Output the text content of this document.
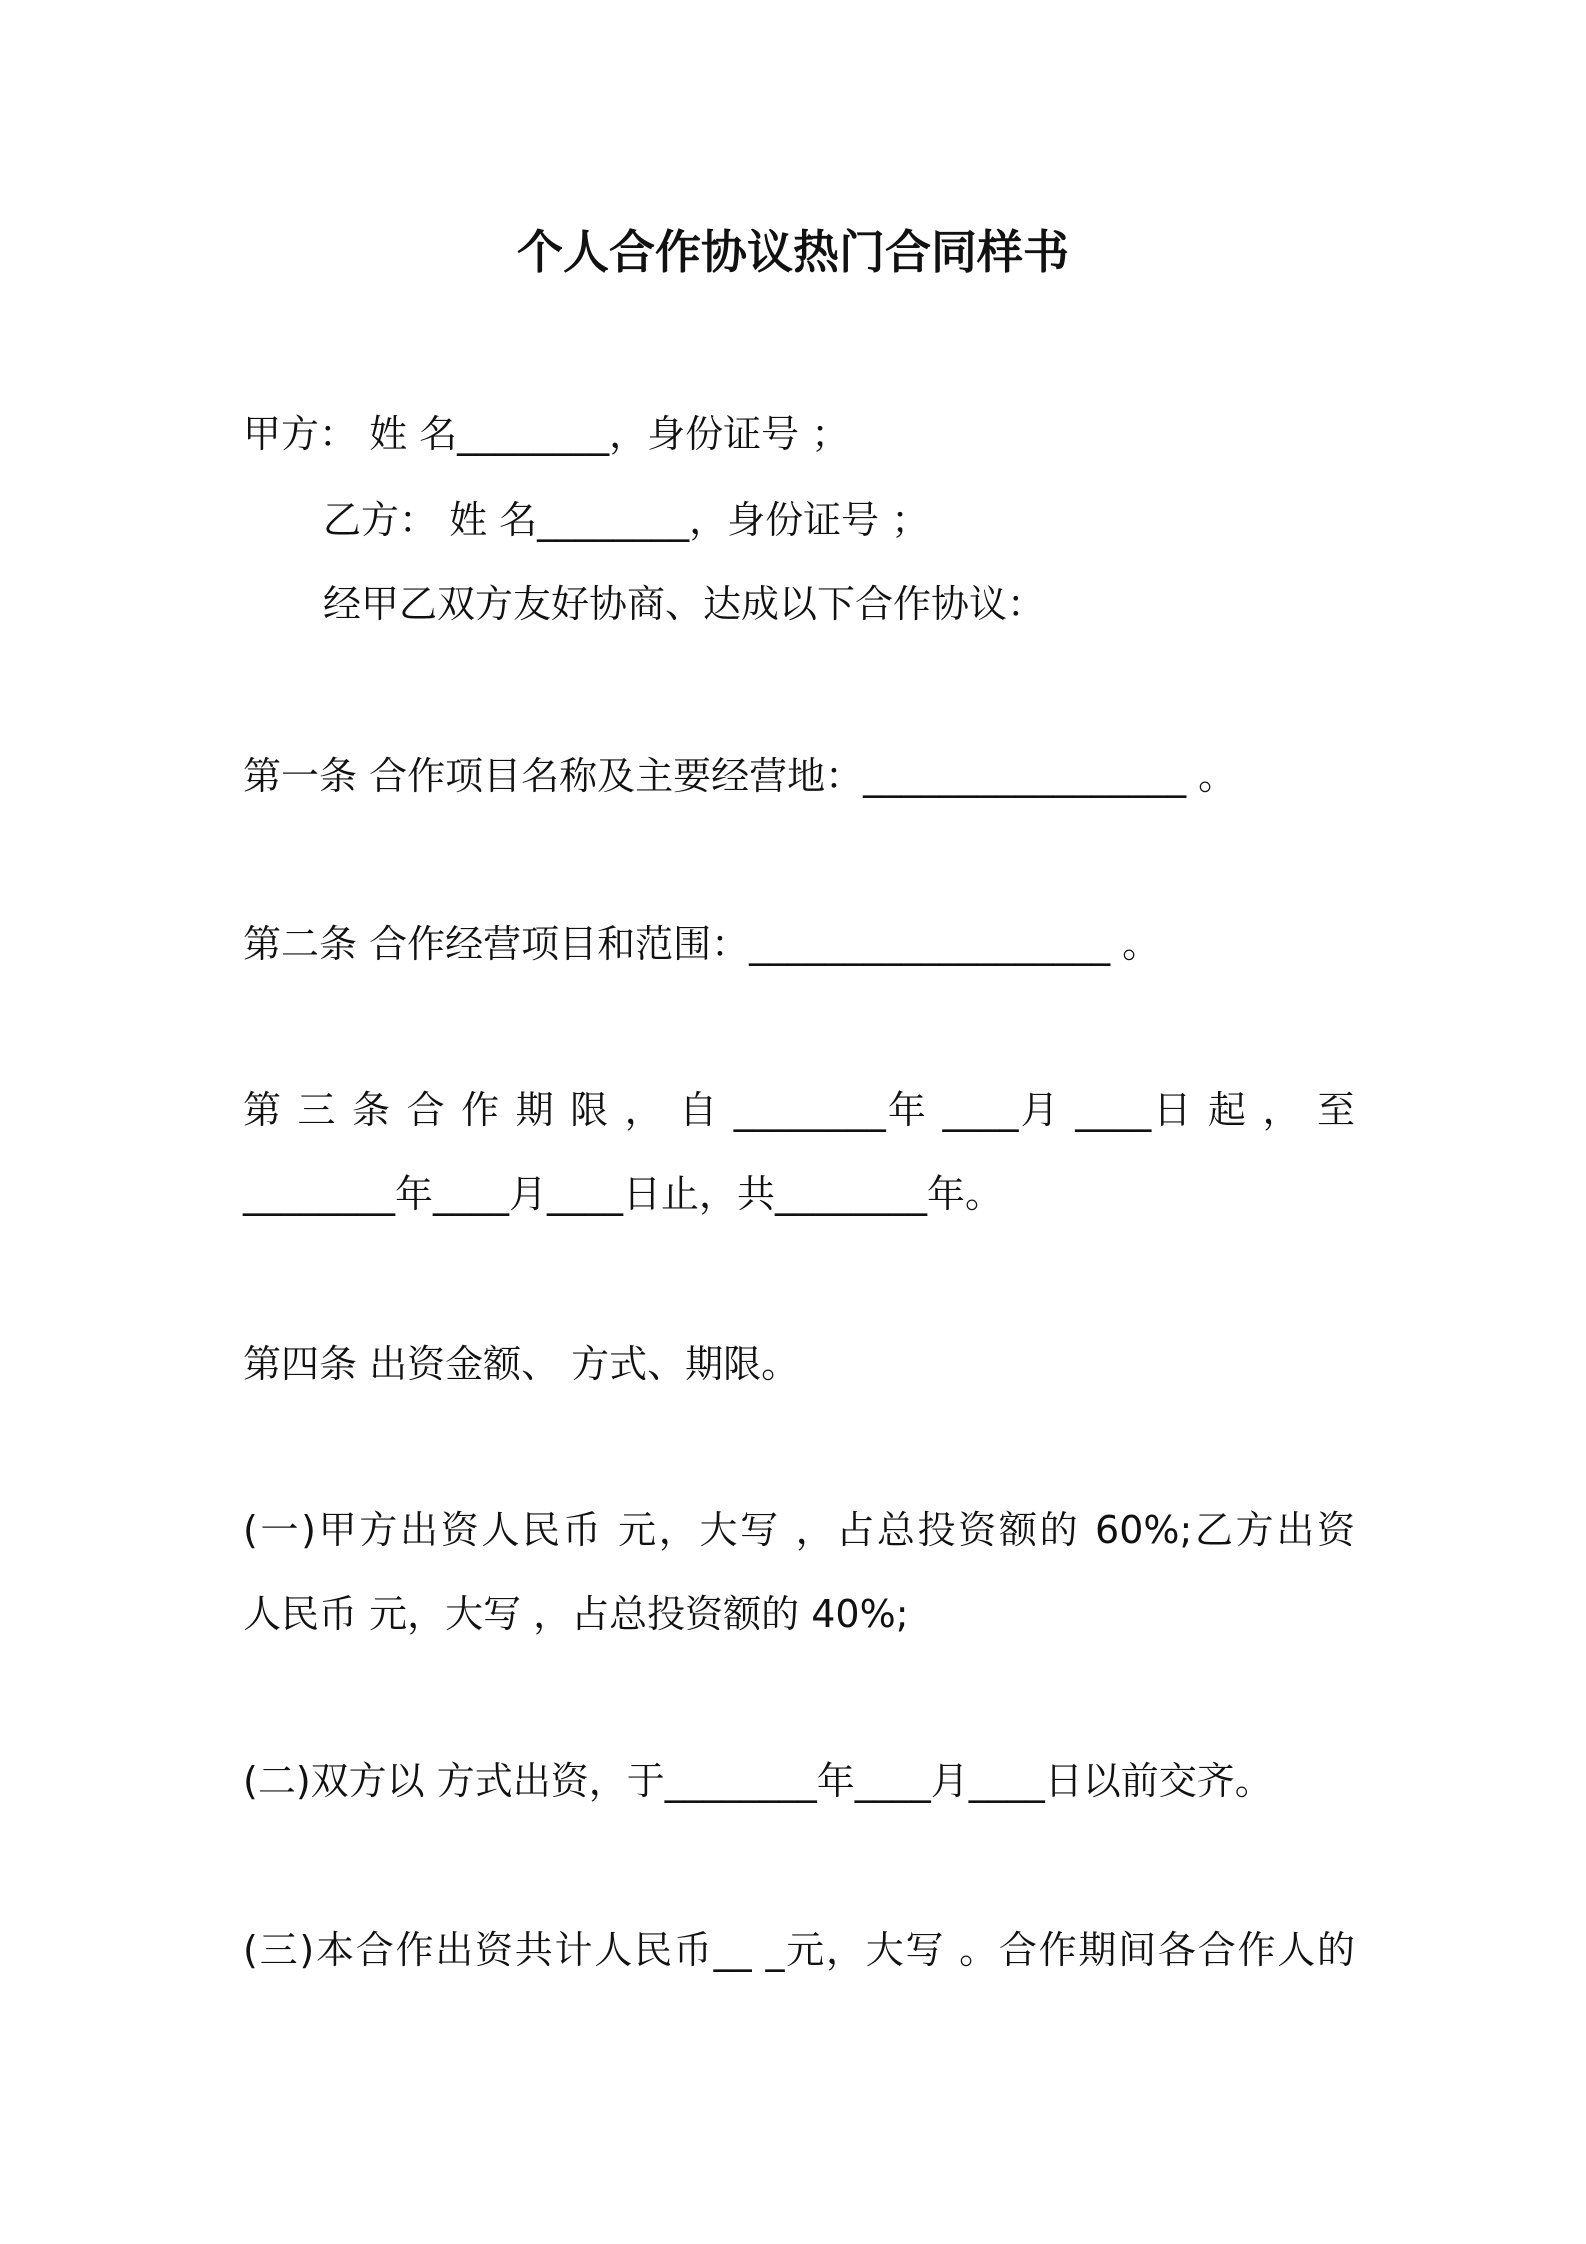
个人合作协议热门合同样书
甲方： 姓 名________，身份证号 ；
乙方： 姓 名________，身份证号 ；
经甲乙双方友好协商、达成以下合作协议：
第一条 合作项目名称及主要经营地：_________________ 。
第二条 合作经营项目和范围：___________________ 。
第 三 条 合 作 期 限 ， 自 ________年 ____月 ____日 起 ， 至
________年____月____日止，共________年。
第四条 出资金额、 方式、期限。
(一)甲方出资人民币 元，大写 ，占总投资额的 60%;乙方出资
人民币 元，大写 ，占总投资额的 40%;
(二)双方以 方式出资，于________年____月____日以前交齐。
(三)本合作出资共计人民币__ _元，大写 。合作期间各合作人的
